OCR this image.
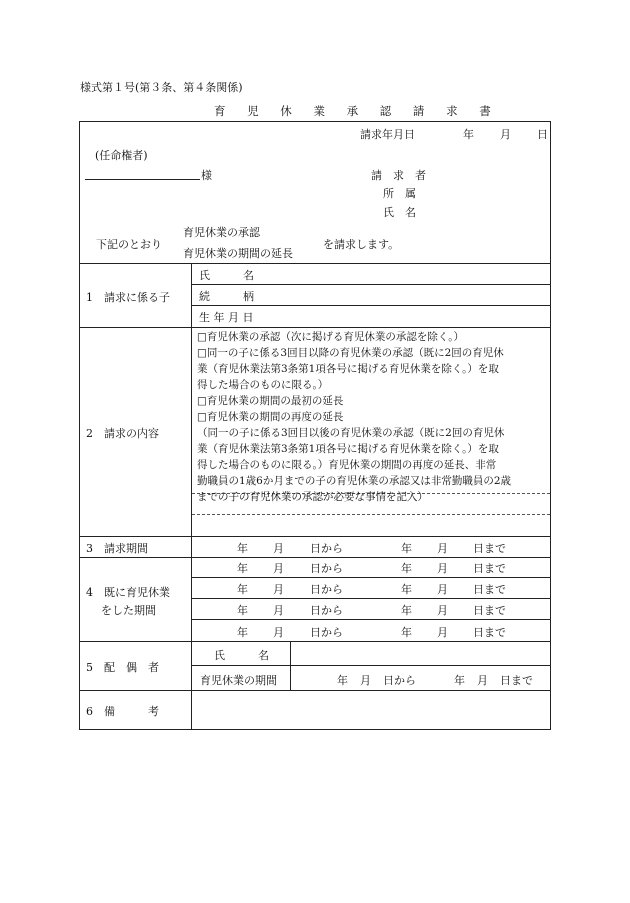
様式第１号(第３条、第４条関係)
育 児 休 業 承 認 請 求 書
請求年月日	年 月 日
(任命権者)
様	請　求　者
所　属
氏　名
下記のとおり
育児休業の承認
育児休業の期間の延長
を請求します。
1　請求に係る子
氏　　　名
続　　　柄
生 年 月 日
2　請求の内容
□育児休業の承認（次に掲げる育児休業の承認を除く。）
□同一の子に係る3回目以降の育児休業の承認（既に2回の育児休
業（育児休業法第3条第1項各号に掲げる育児休業を除く。）を取
得した場合のものに限る。）
□育児休業の期間の最初の延長
□育児休業の期間の再度の延長
（同一の子に係る3回目以後の育児休業の承認（既に2回の育児休
業（育児休業法第3条第1項各号に掲げる育児休業を除く。）を取
得した場合のものに限る。）育児休業の期間の再度の延長、非常
勤職員の1歳6か月までの子の育児休業の承認又は非常勤職員の2歳
までの子の育児休業の承認が必要な事情を記入）
3　請求期間	年 月 日から	年 月 日まで
4　既に育児休業
をした期間
年 月 日から	年 月 日まで
年 月 日から	年 月 日まで
年 月 日から	年 月 日まで
年 月 日から	年 月 日まで
5　配　偶　者
氏　　　名
育児休業の期間	年 月 日から	年 月 日まで
6　備　　　考
